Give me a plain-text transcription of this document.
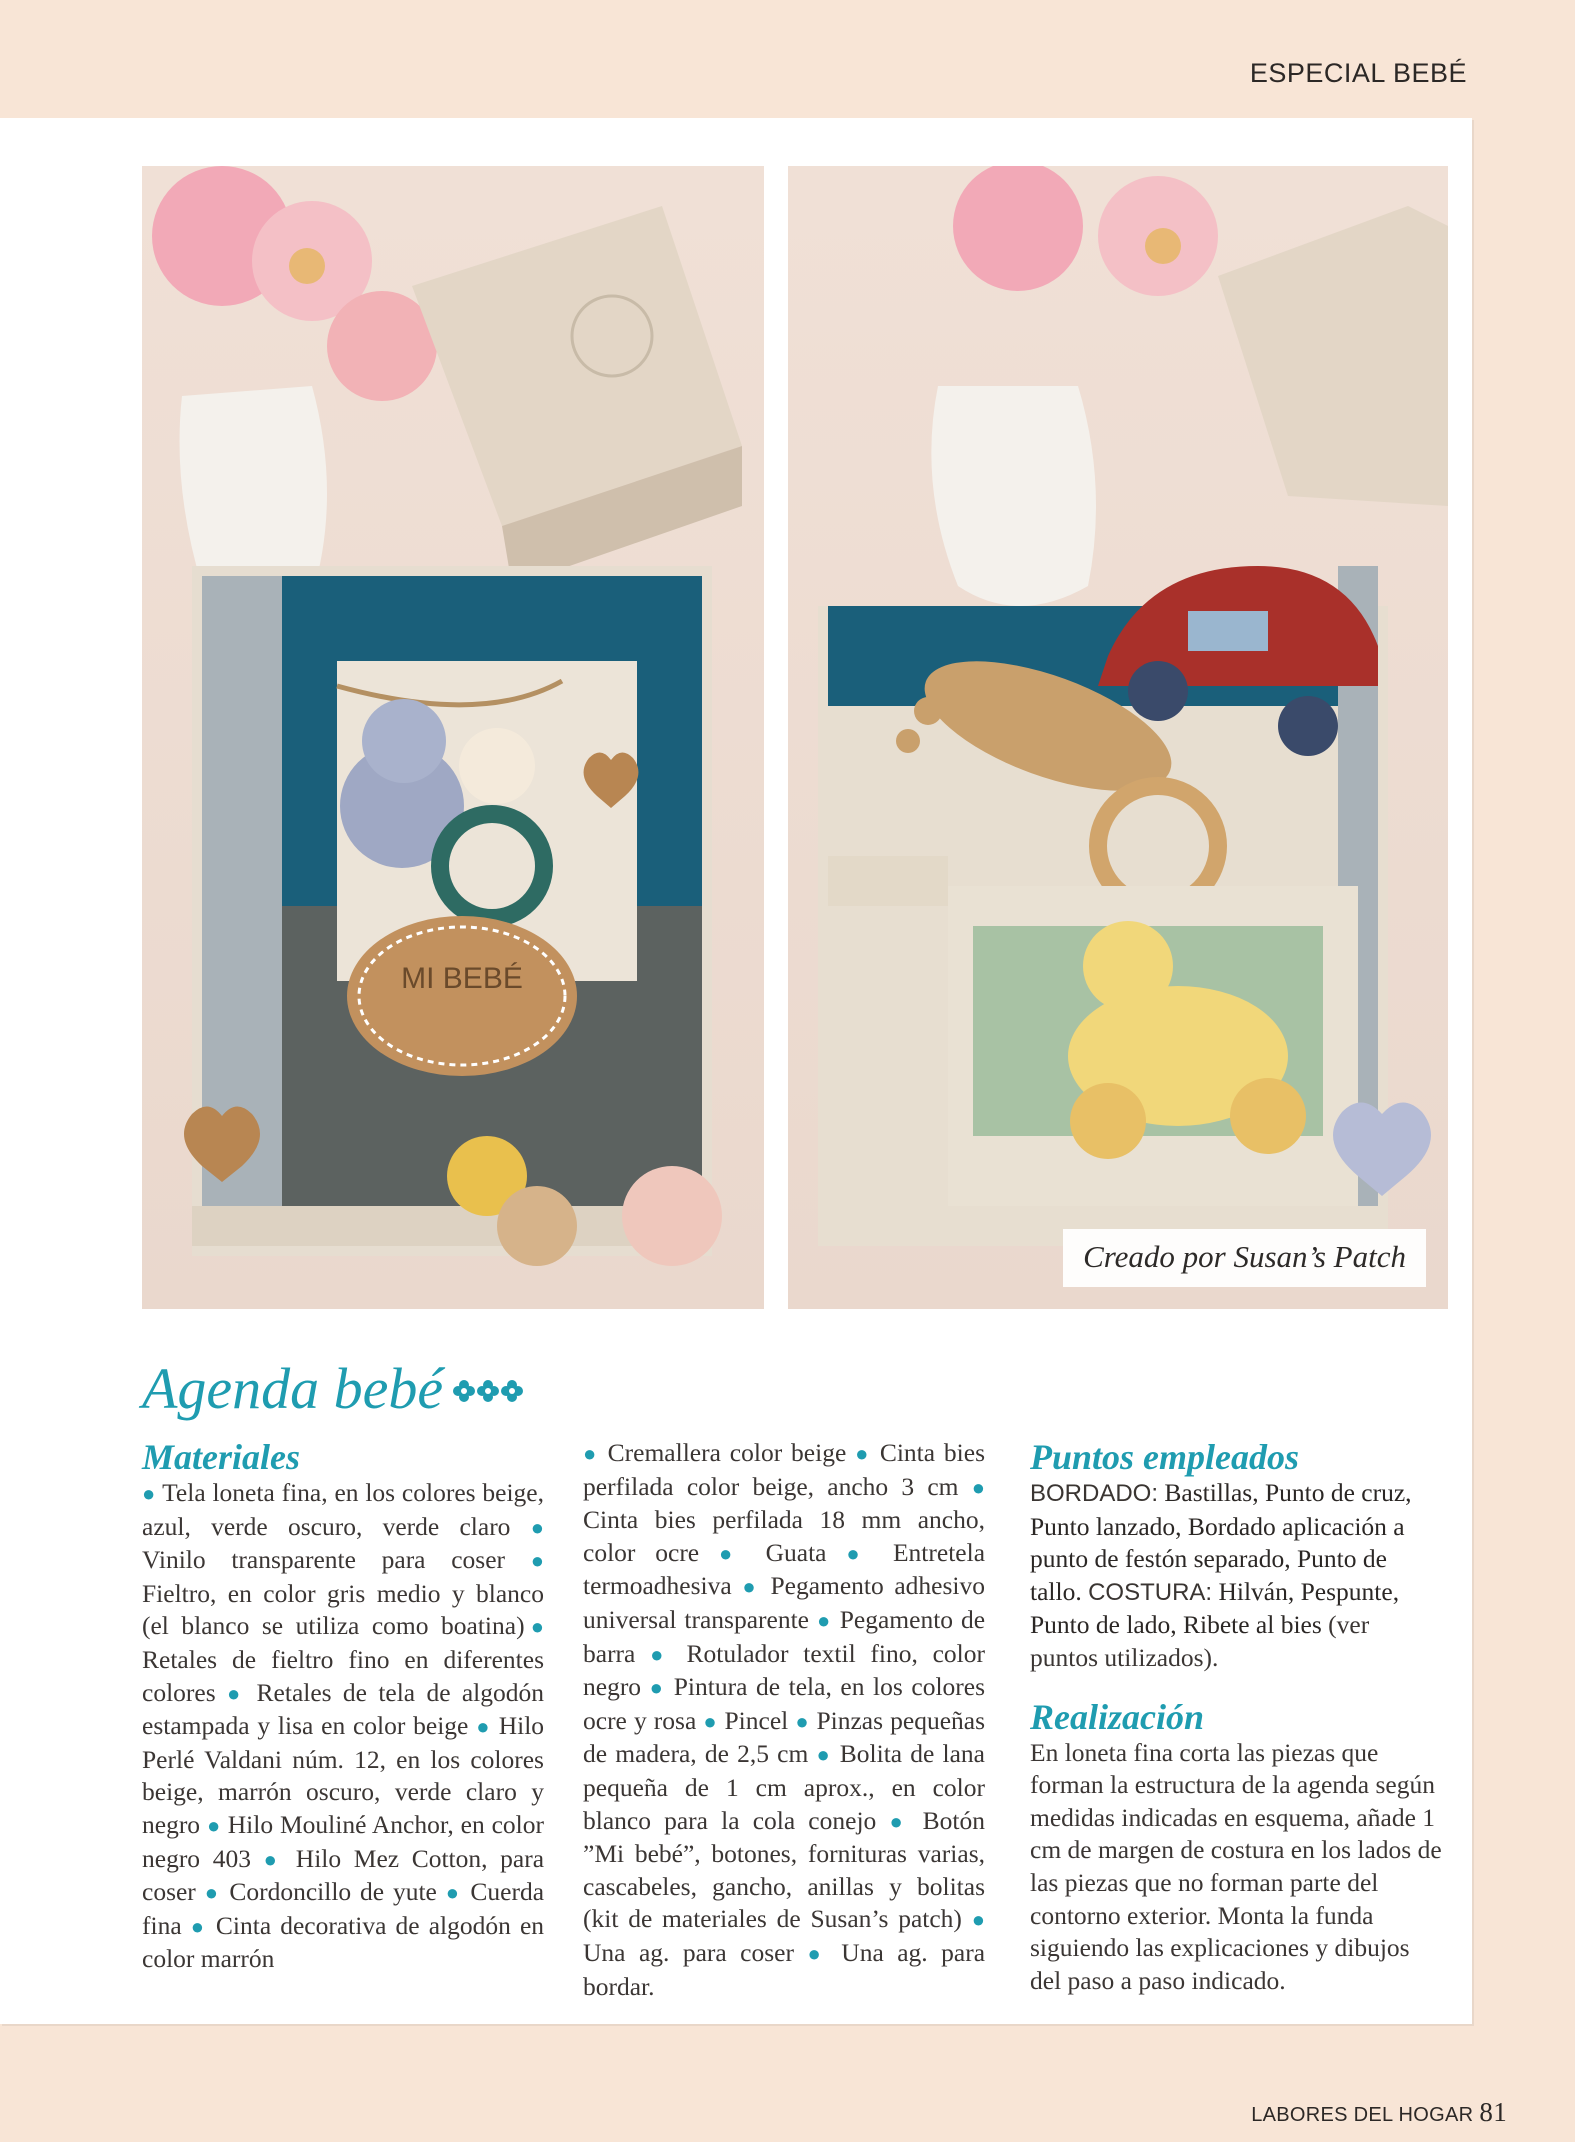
ESPECIAL BEBÉ
MI BEBÉ
Creado por Susan’s Patch
Agenda bebé
Materiales

● Tela loneta fina, en los colores beige, azul, verde oscuro, verde claro ● Vinilo transparente para coser ● Fieltro, en color gris medio y blanco (el blanco se utiliza como boatina)● Retales de fieltro fino en diferentes colores ● Retales de tela de algodón estampada y lisa en color beige ● Hilo Perlé Valdani núm. 12, en los colores beige, marrón oscuro, verde claro y negro ● Hilo Mouliné Anchor, en color negro 403 ● Hilo Mez Cotton, para coser ● Cordoncillo de yute ● Cuerda fina ● Cinta decorativa de algodón en color marrón

● Cremallera color beige ● Cinta bies perfilada color beige, ancho 3 cm ● Cinta bies perfilada 18 mm ancho, color ocre ● Guata ● Entretela termoadhesiva ● Pegamento adhesivo universal transparente ● Pegamento de barra ● Rotulador textil fino, color negro ● Pintura de tela, en los colores ocre y rosa ● Pincel ● Pinzas pequeñas de madera, de 2,5 cm ● Bolita de lana pequeña de 1 cm aprox., en color blanco para la cola conejo ● Botón ”Mi bebé”, botones, fornituras varias, cascabeles, gancho, anillas y bolitas (kit de materiales de Susan’s patch) ● Una ag. para coser ● Una ag. para bordar.

Puntos empleados

BORDADO: Bastillas, Punto de cruz, Punto lanzado, Bordado aplicación a punto de festón separado, Punto de tallo. COSTURA: Hilván, Pespunte, Punto de lado, Ribete al bies (ver puntos utilizados).

Realización

En loneta fina corta las piezas que forman la estructura de la agenda según medidas indicadas en esquema, añade 1 cm de margen de costura en los lados de las piezas que no forman parte del contorno exterior. Monta la funda siguiendo las explicaciones y dibujos del paso a paso indicado.

LABORES DEL HOGAR 81
